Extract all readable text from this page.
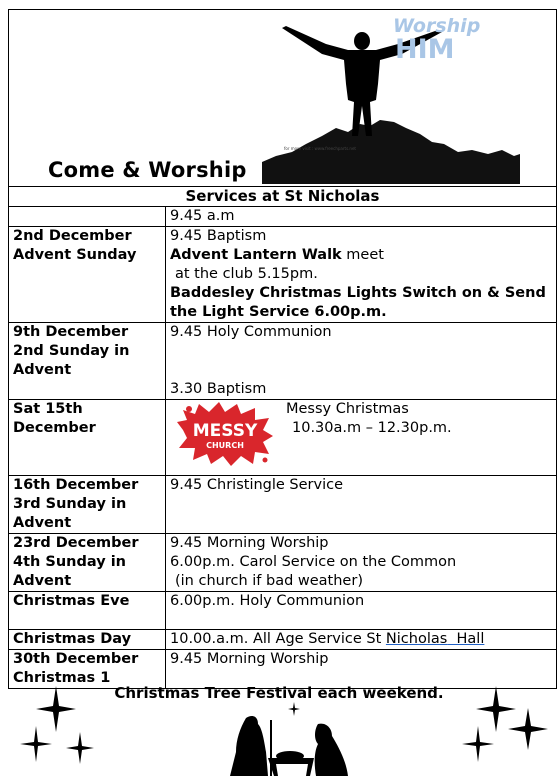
Worship
HIM
for more visit : www.freechparts.net
Come & Worship
Services at St Nicholas	
	9.45 a.m
2nd December Advent Sunday	9.45 Baptism
Advent Lantern Walk meet
at the club 5.15pm.
Baddesley Christmas Lights Switch on & Send the Light Service 6.00p.m.

9th December 2nd Sunday in Advent	9.45 Holy Communion
3.30 Baptism

Sat 15th December	Messy Christmas
10.30a.m – 12.30p.m.

16th December 3rd Sunday in Advent	9.45 Christingle Service
23rd December 4th Sunday in Advent	9.45 Morning Worship
6.00p.m. Carol Service on the Common
(in church if bad weather)

Christmas Eve	6.00p.m. Holy Communion
Christmas Day	10.00.a.m. All Age Service St Nicholas  Hall
30th December Christmas 1	9.45 Morning Worship
MESSY
CHURCH
Christmas Tree Festival each weekend.
